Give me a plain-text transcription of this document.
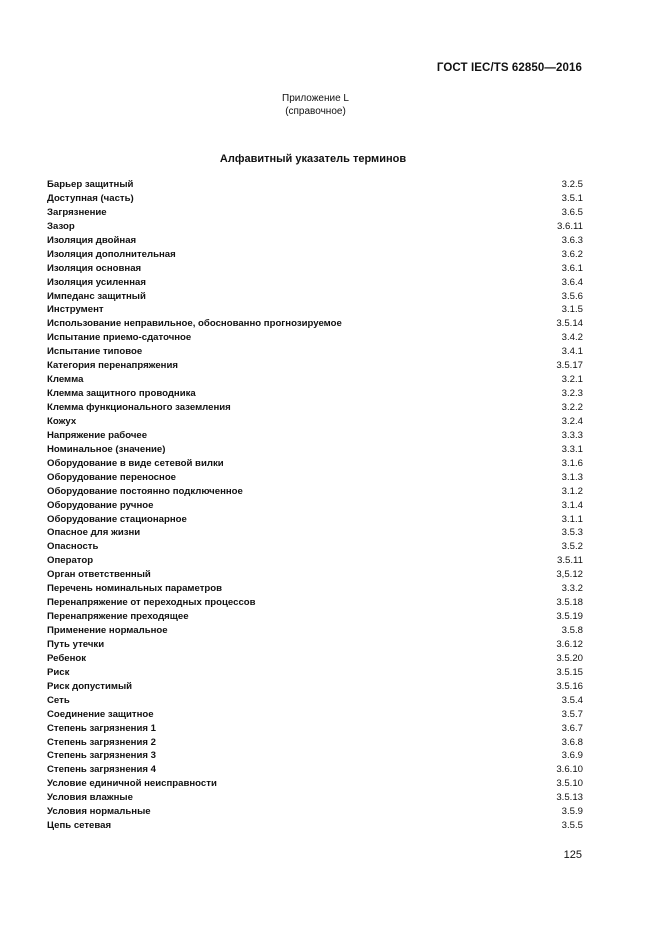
ГОСТ IEC/TS 62850—2016
Приложение L
(справочное)
Алфавитный указатель терминов
Барьер защитный	3.2.5
Доступная (часть)	3.5.1
Загрязнение	3.6.5
Зазор	3.6.11
Изоляция двойная	3.6.3
Изоляция дополнительная	3.6.2
Изоляция основная	3.6.1
Изоляция усиленная	3.6.4
Импеданс защитный	3.5.6
Инструмент	3.1.5
Использование неправильное, обоснованно прогнозируемое	3.5.14
Испытание приемо-сдаточное	3.4.2
Испытание типовое	3.4.1
Категория перенапряжения	3.5.17
Клемма	3.2.1
Клемма защитного проводника	3.2.3
Клемма функционального заземления	3.2.2
Кожух	3.2.4
Напряжение рабочее	3.3.3
Номинальное (значение)	3.3.1
Оборудование в виде сетевой вилки	3.1.6
Оборудование переносное	3.1.3
Оборудование постоянно подключенное	3.1.2
Оборудование ручное	3.1.4
Оборудование стационарное	3.1.1
Опасное для жизни	3.5.3
Опасность	3.5.2
Оператор	3.5.11
Орган ответственный	3,5.12
Перечень номинальных параметров	3.3.2
Перенапряжение от переходных процессов	3.5.18
Перенапряжение преходящее	3.5.19
Применение нормальное	3.5.8
Путь утечки	3.6.12
Ребенок	3.5.20
Риск	3.5.15
Риск допустимый	3.5.16
Сеть	3.5.4
Соединение защитное	3.5.7
Степень загрязнения 1	3.6.7
Степень загрязнения 2	3.6.8
Степень загрязнения 3	3.6.9
Степень загрязнения 4	3.6.10
Условие единичной неисправности	3.5.10
Условия влажные	3.5.13
Условия нормальные	3.5.9
Цепь сетевая	3.5.5
125
